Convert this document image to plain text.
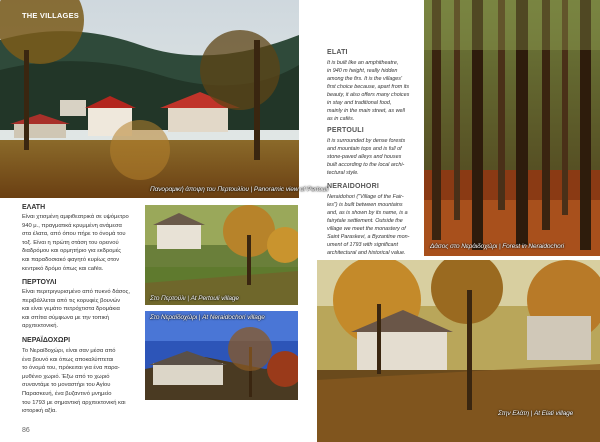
THE VILLAGES
Πανοραμική άποψη του Περτουλίου | Panoramic view of Pertouli
Δάσος στο Νεράιδοχώρι | Forest in Neraidochori
Στο Περτούλι | At Pertouli village
Στο Νεραϊδοχώρι | At Neraidochori village
Στην Ελάτη | At Elati village
ΕΛΑΤΗ
Είναι χτισμένη αμφιθεατρικά σε υψόμετρο
940 μ., πραγματικά κρυμμένη ανάμεσα
στα έλατα, από όπου πήρε το όνομά του
τοξ. Είναι η πρώτη στάση του ορεινού
διαδρόμου και ορμητήριο για εκδρομές
και παραδοσιακό φαγητό κυρίως στον
κεντρικό δρόμο όπως και cafés.
ΠΕΡΤΟΥΛΙ
Είναι περιτριγυρισμένο από πυκνό δάσος,
περιβάλλεται από τις κορυφές βουνών
και είναι γεμάτο πετρόχτιστα δρομάκια
και σπίτια σύμφωνα με την τοπική
αρχιτεκτονική.
ΝΕΡΑΪΔΟΧΩΡΙ
Το Νεραϊδοχώρι, είναι σαν μέσα από
ένα βουνό και όπως αποκαλύπτεται
το όνομά του, πρόκειται για ένα παρα-
μυθένιο χωριό. Έξω από το χωριό
συναντάμε το μοναστήρι του Αγίου
Παρασκευή, ένα βυζαντινό μνημείο
του 1793 με σημαντική αρχιτεκτονική και
ιστορική αξία.
86
ELATI
It is built like an amphitheatre,
in 940 m height, really hidden
among the firs. It is the villages'
first choice because, apart from its
beauty, it also offers many choices
in stay and traditional food,
mainly in the main street, as well
as in cafés.
PERTOULI
It is surrounded by dense forests
and mountain tops and is full of
stone-paved alleys and houses
built according to the local archi-
tectural style.
NERAIDOHORI
Neraidohori ("Village of the Fair-
ies") is built between mountains
and, as is shown by its name, is a
fairytale settlement. Outside the
village we meet the monastery of
Saint Paraskevi, a Byzantine mon-
ument of 1793 with significant
architectural and historical value.
